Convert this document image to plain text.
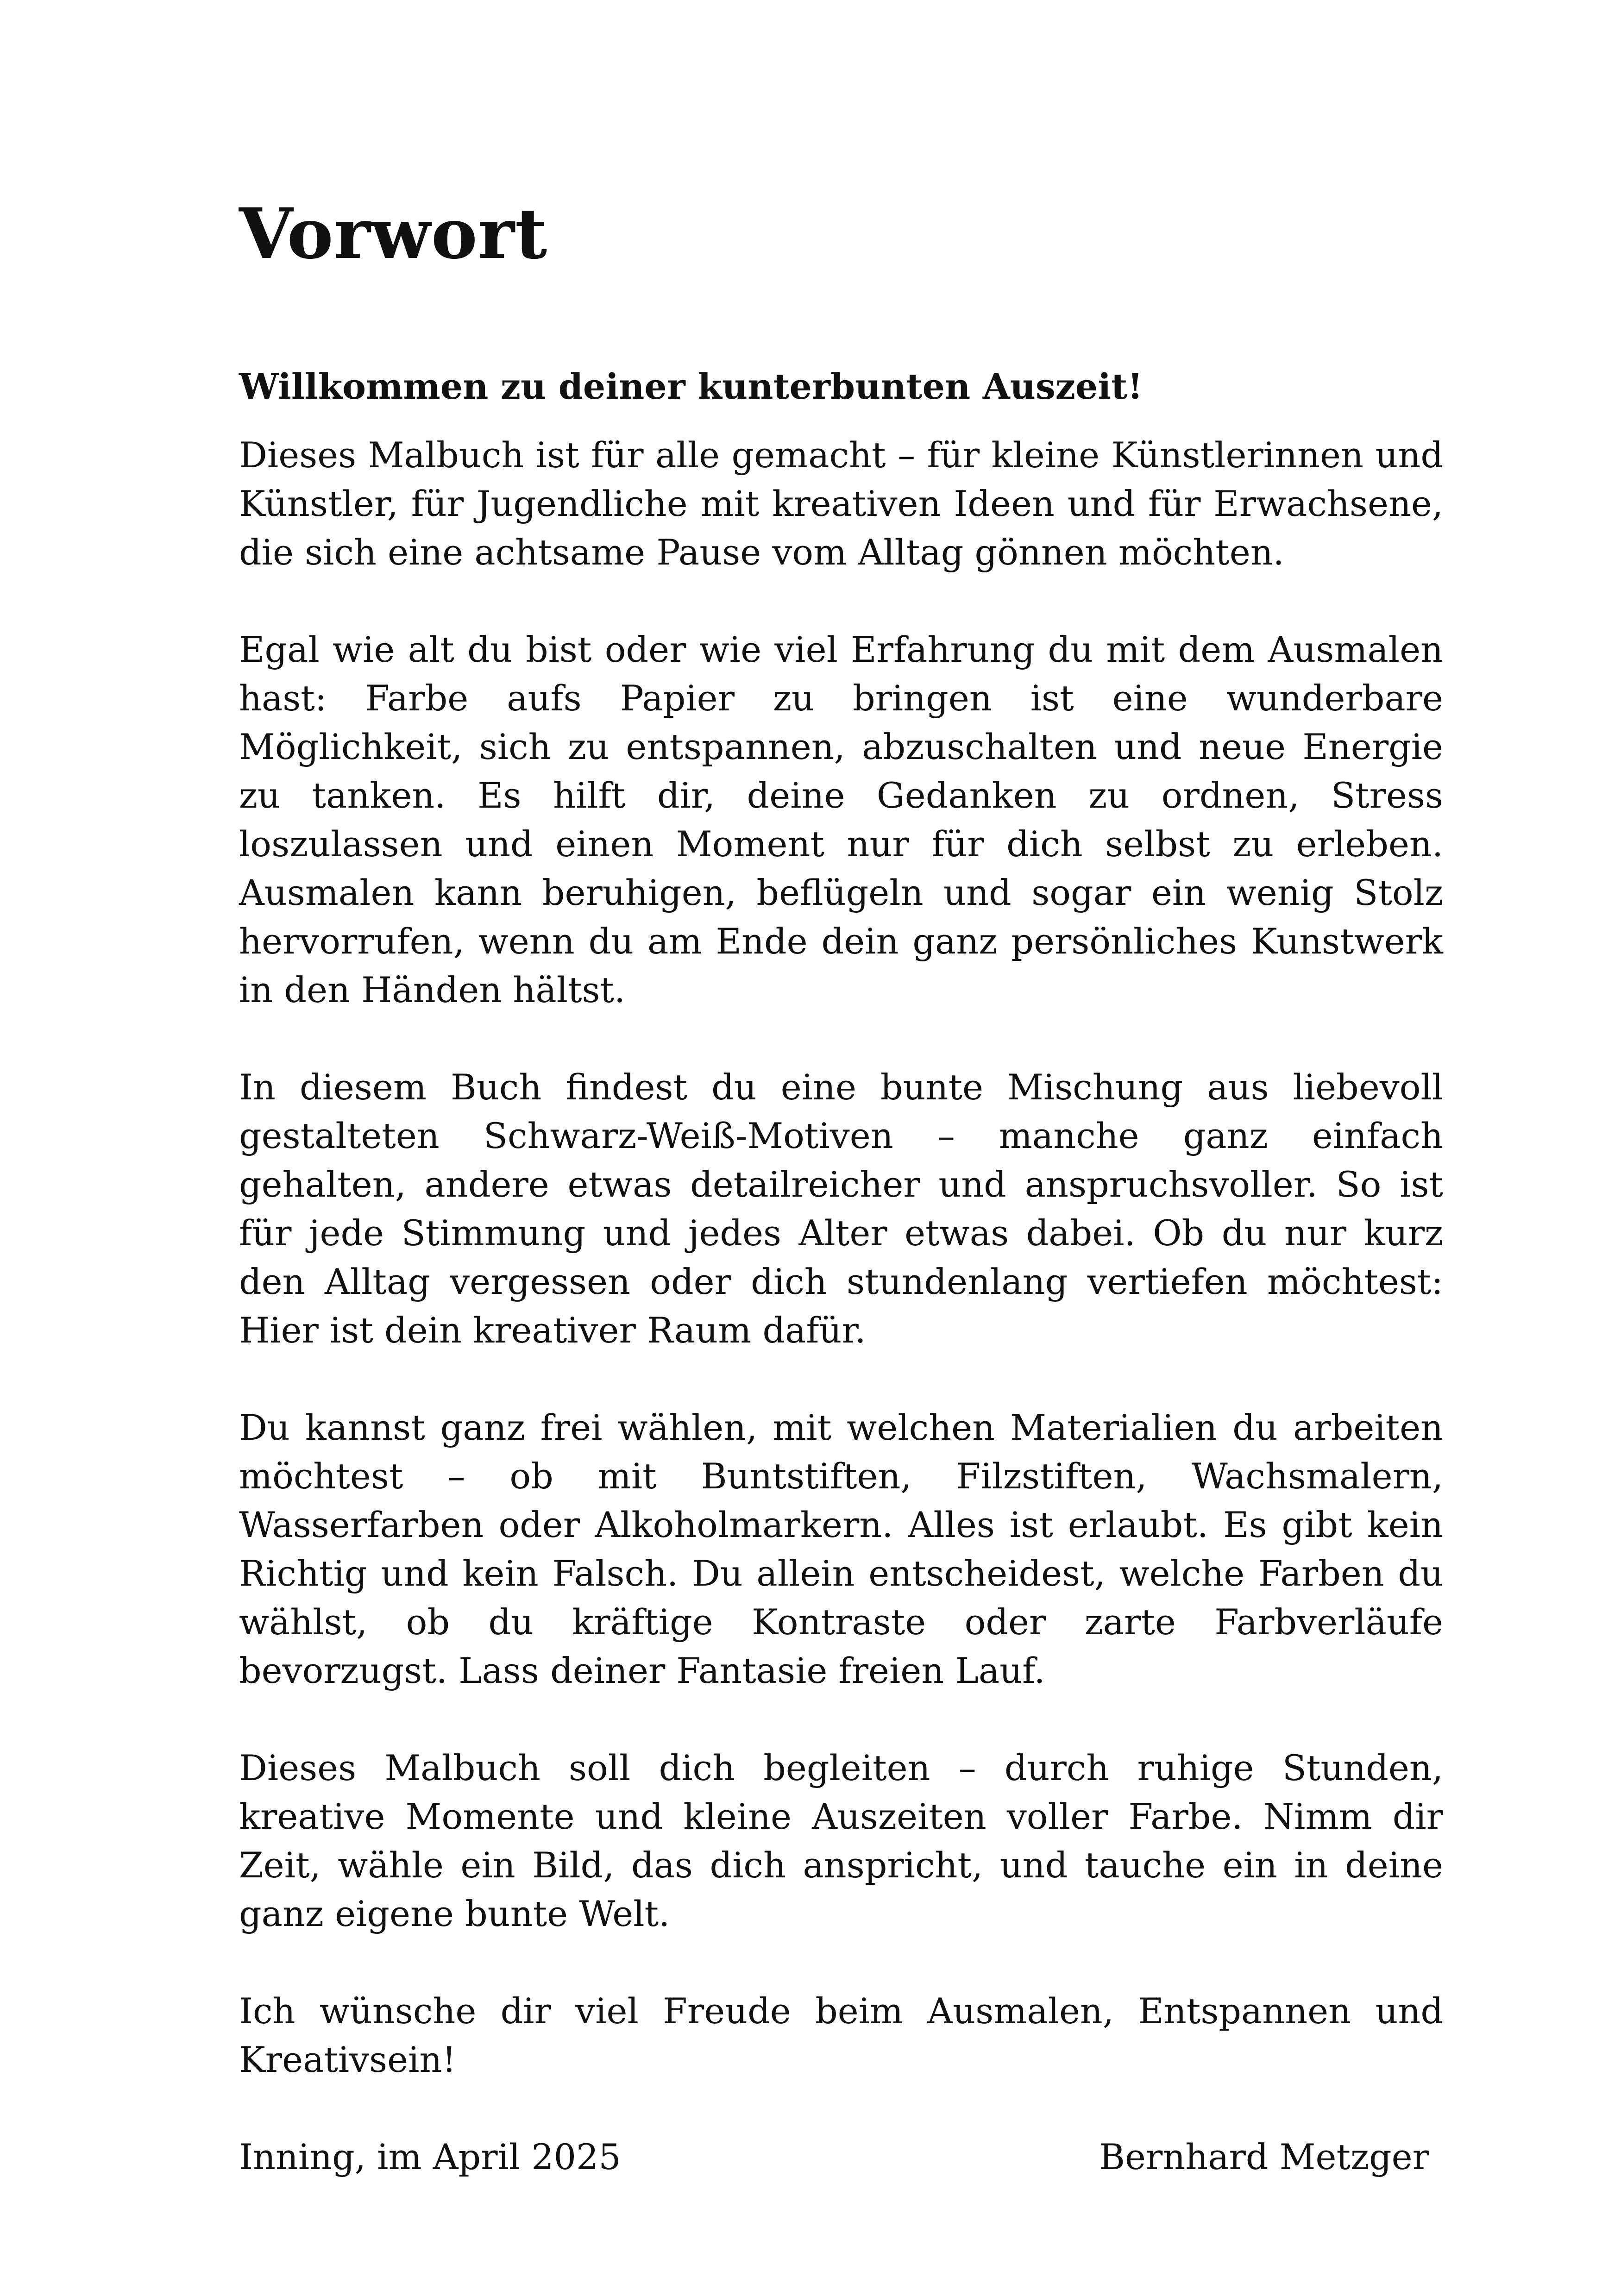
Vorwort
Willkommen zu deiner kunterbunten Auszeit!

Dieses Malbuch ist für alle gemacht – für kleine Künstlerinnen und Künstler, für Jugendliche mit kreativen Ideen und für Erwachsene, die sich eine achtsame Pause vom Alltag gönnen möchten.

Egal wie alt du bist oder wie viel Erfahrung du mit dem Ausmalen hast: Farbe aufs Papier zu bringen ist eine wunderbare Möglichkeit, sich zu entspannen, abzuschalten und neue Energie zu tanken. Es hilft dir, deine Gedanken zu ordnen, Stress loszulassen und einen Moment nur für dich selbst zu erleben. Ausmalen kann beruhigen, beflügeln und sogar ein wenig Stolz hervorrufen, wenn du am Ende dein ganz persönliches Kunstwerk in den Händen hältst.

In diesem Buch findest du eine bunte Mischung aus liebevoll gestalteten Schwarz-Weiß-Motiven – manche ganz einfach gehalten, andere etwas detailreicher und anspruchsvoller. So ist für jede Stimmung und jedes Alter etwas dabei. Ob du nur kurz den Alltag vergessen oder dich stundenlang vertiefen möchtest: Hier ist dein kreativer Raum dafür.

Du kannst ganz frei wählen, mit welchen Materialien du arbeiten möchtest – ob mit Buntstiften, Filzstiften, Wachsmalern, Wasserfarben oder Alkoholmarkern. Alles ist erlaubt. Es gibt kein Richtig und kein Falsch. Du allein entscheidest, welche Farben du wählst, ob du kräftige Kontraste oder zarte Farbverläufe bevorzugst. Lass deiner Fantasie freien Lauf.

Dieses Malbuch soll dich begleiten – durch ruhige Stunden, kreative Momente und kleine Auszeiten voller Farbe. Nimm dir Zeit, wähle ein Bild, das dich anspricht, und tauche ein in deine ganz eigene bunte Welt.

Ich wünsche dir viel Freude beim Ausmalen, Entspannen und Kreativsein!

Inning, im April 2025	Bernhard Metzger
